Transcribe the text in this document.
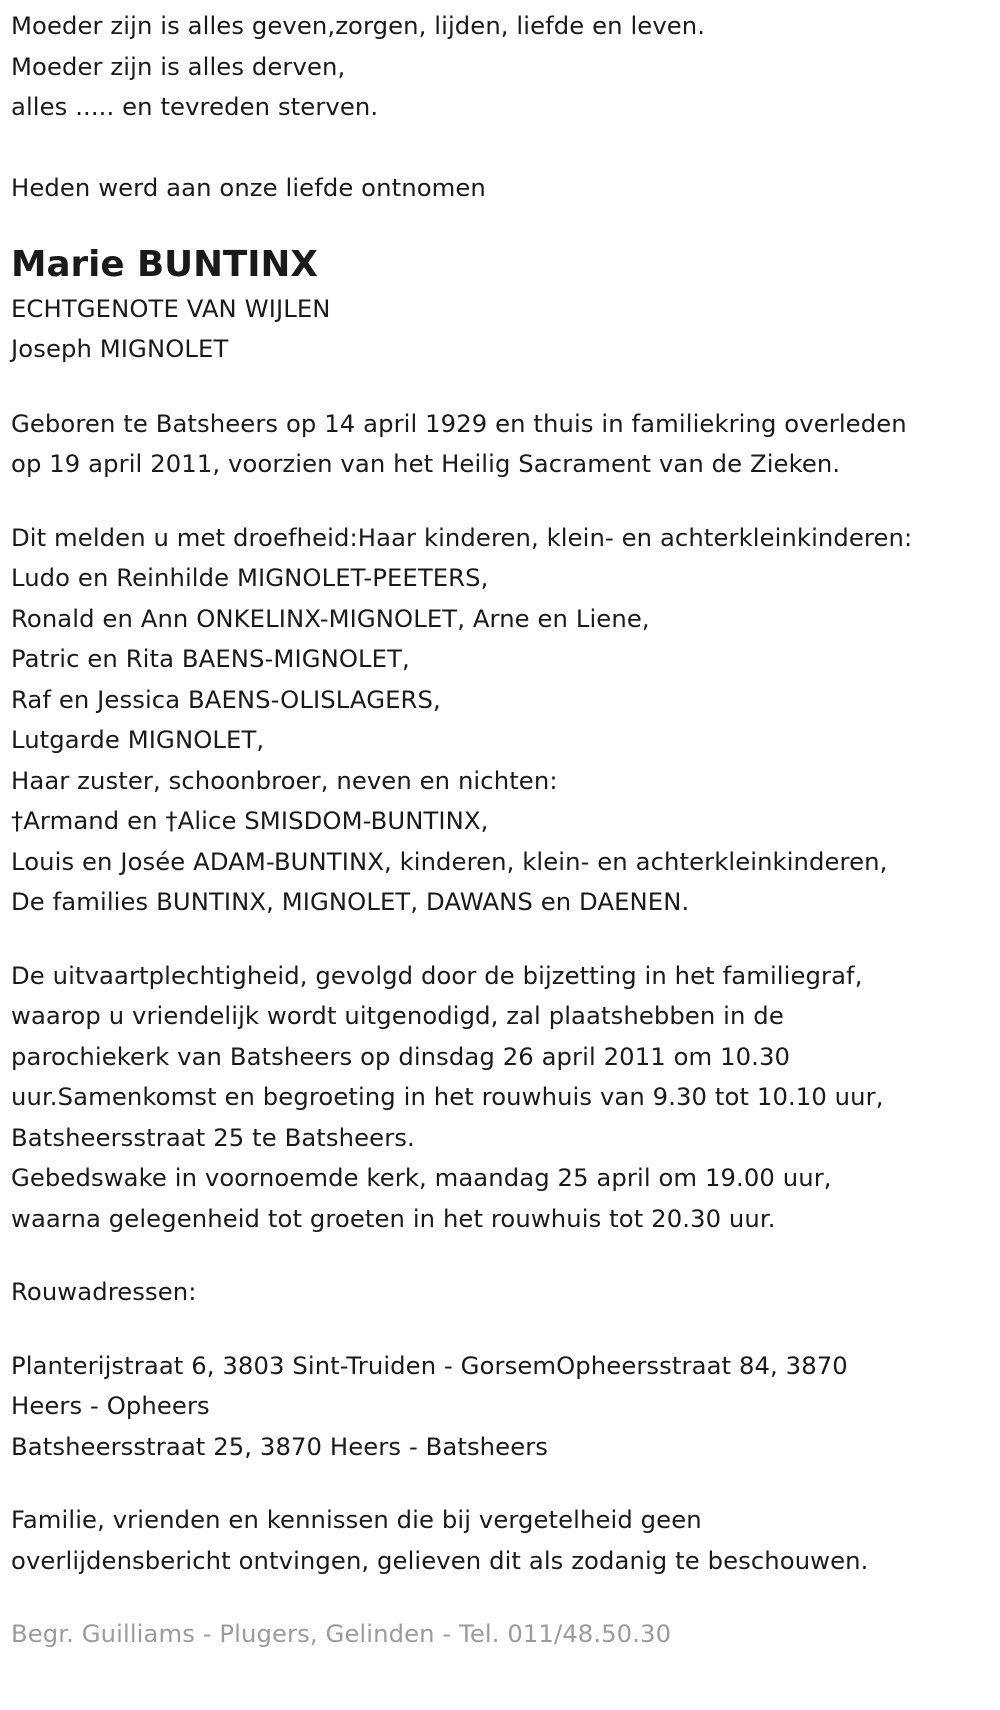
Moeder zijn is alles geven,zorgen, lijden, liefde en leven.
Moeder zijn is alles derven,
alles ..... en tevreden sterven.
Heden werd aan onze liefde ontnomen
Marie BUNTINX
ECHTGENOTE VAN WIJLEN
Joseph MIGNOLET
Geboren te Batsheers op 14 april 1929 en thuis in familiekring overleden
op 19 april 2011, voorzien van het Heilig Sacrament van de Zieken.
Dit melden u met droefheid:Haar kinderen, klein- en achterkleinkinderen:
Ludo en Reinhilde MIGNOLET-PEETERS,
Ronald en Ann ONKELINX-MIGNOLET, Arne en Liene,
Patric en Rita BAENS-MIGNOLET,
Raf en Jessica BAENS-OLISLAGERS,
Lutgarde MIGNOLET,
Haar zuster, schoonbroer, neven en nichten:
†Armand en †Alice SMISDOM-BUNTINX,
Louis en Josée ADAM-BUNTINX, kinderen, klein- en achterkleinkinderen,
De families BUNTINX, MIGNOLET, DAWANS en DAENEN.
De uitvaartplechtigheid, gevolgd door de bijzetting in het familiegraf,
waarop u vriendelijk wordt uitgenodigd, zal plaatshebben in de
parochiekerk van Batsheers op dinsdag 26 april 2011 om 10.30
uur.Samenkomst en begroeting in het rouwhuis van 9.30 tot 10.10 uur,
Batsheersstraat 25 te Batsheers.
Gebedswake in voornoemde kerk, maandag 25 april om 19.00 uur,
waarna gelegenheid tot groeten in het rouwhuis tot 20.30 uur.
Rouwadressen:
Planterijstraat 6, 3803 Sint-Truiden - GorsemOpheersstraat 84, 3870
Heers - Opheers
Batsheersstraat 25, 3870 Heers - Batsheers
Familie, vrienden en kennissen die bij vergetelheid geen
overlijdensbericht ontvingen, gelieven dit als zodanig te beschouwen.
Begr. Guilliams - Plugers, Gelinden - Tel. 011/48.50.30
